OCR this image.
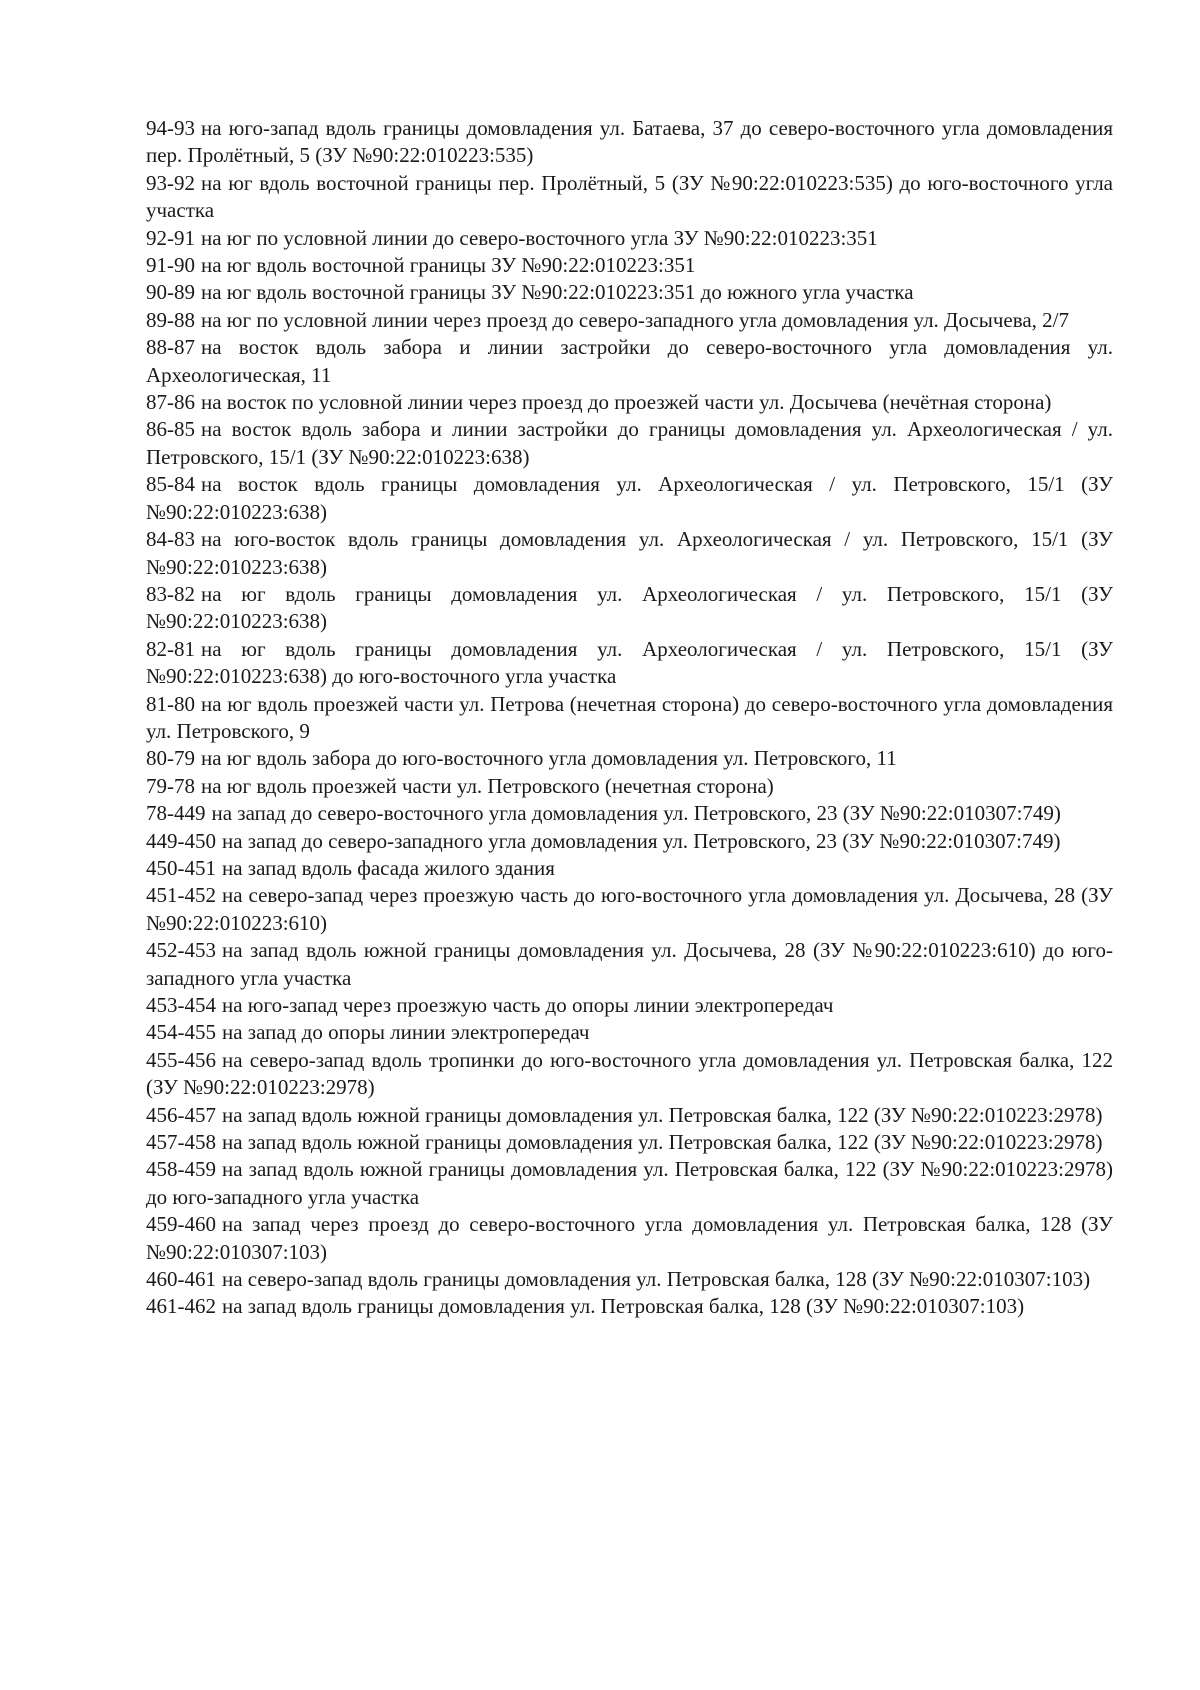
94-93 на юго-запад вдоль границы домовладения ул. Батаева, 37 до северо-восточного угла домовладения пер. Пролётный, 5 (ЗУ №90:22:010223:535)

93-92 на юг вдоль восточной границы пер. Пролётный, 5 (ЗУ №90:22:010223:535) до юго-восточного угла участка

92-91 на юг по условной линии до северо-восточного угла ЗУ №90:22:010223:351

91-90 на юг вдоль восточной границы ЗУ №90:22:010223:351

90-89 на юг вдоль восточной границы ЗУ №90:22:010223:351 до южного угла участка

89-88 на юг по условной линии через проезд до северо-западного угла домовладения ул. Досычева, 2/7

88-87 на восток вдоль забора и линии застройки до северо-восточного угла домовладения ул. Археологическая, 11

87-86 на восток по условной линии через проезд до проезжей части ул. Досычева (нечётная сторона)

86-85 на восток вдоль забора и линии застройки до границы домовладения ул. Археологическая / ул. Петровского, 15/1 (ЗУ №90:22:010223:638)

85-84 на восток вдоль границы домовладения ул. Археологическая / ул. Петровского, 15/1 (ЗУ №90:22:010223:638)

84-83 на юго-восток вдоль границы домовладения ул. Археологическая / ул. Петровского, 15/1 (ЗУ №90:22:010223:638)

83-82 на юг вдоль границы домовладения ул. Археологическая / ул. Петровского, 15/1 (ЗУ №90:22:010223:638)

82-81 на юг вдоль границы домовладения ул. Археологическая / ул. Петровского, 15/1 (ЗУ №90:22:010223:638) до юго-восточного угла участка

81-80 на юг вдоль проезжей части ул. Петрова (нечетная сторона) до северо-восточного угла домовладения ул. Петровского, 9

80-79 на юг вдоль забора до юго-восточного угла домовладения ул. Петровского, 11

79-78 на юг вдоль проезжей части ул. Петровского (нечетная сторона)

78-449 на запад до северо-восточного угла домовладения ул. Петровского, 23 (ЗУ №90:22:010307:749)

449-450 на запад до северо-западного угла домовладения ул. Петровского, 23 (ЗУ №90:22:010307:749)

450-451 на запад вдоль фасада жилого здания

451-452 на северо-запад через проезжую часть до юго-восточного угла домовладения ул. Досычева, 28 (ЗУ №90:22:010223:610)

452-453 на запад вдоль южной границы домовладения ул. Досычева, 28 (ЗУ №90:22:010223:610) до юго-западного угла участка

453-454 на юго-запад через проезжую часть до опоры линии электропередач

454-455 на запад до опоры линии электропередач

455-456 на северо-запад вдоль тропинки до юго-восточного угла домовладения ул. Петровская балка, 122 (ЗУ №90:22:010223:2978)

456-457 на запад вдоль южной границы домовладения ул. Петровская балка, 122 (ЗУ №90:22:010223:2978)

457-458 на запад вдоль южной границы домовладения ул. Петровская балка, 122 (ЗУ №90:22:010223:2978)

458-459 на запад вдоль южной границы домовладения ул. Петровская балка, 122 (ЗУ №90:22:010223:2978) до юго-западного угла участка

459-460 на запад через проезд до северо-восточного угла домовладения ул. Петровская балка, 128 (ЗУ №90:22:010307:103)

460-461 на северо-запад вдоль границы домовладения ул. Петровская балка, 128 (ЗУ №90:22:010307:103)

461-462 на запад вдоль границы домовладения ул. Петровская балка, 128 (ЗУ №90:22:010307:103)
